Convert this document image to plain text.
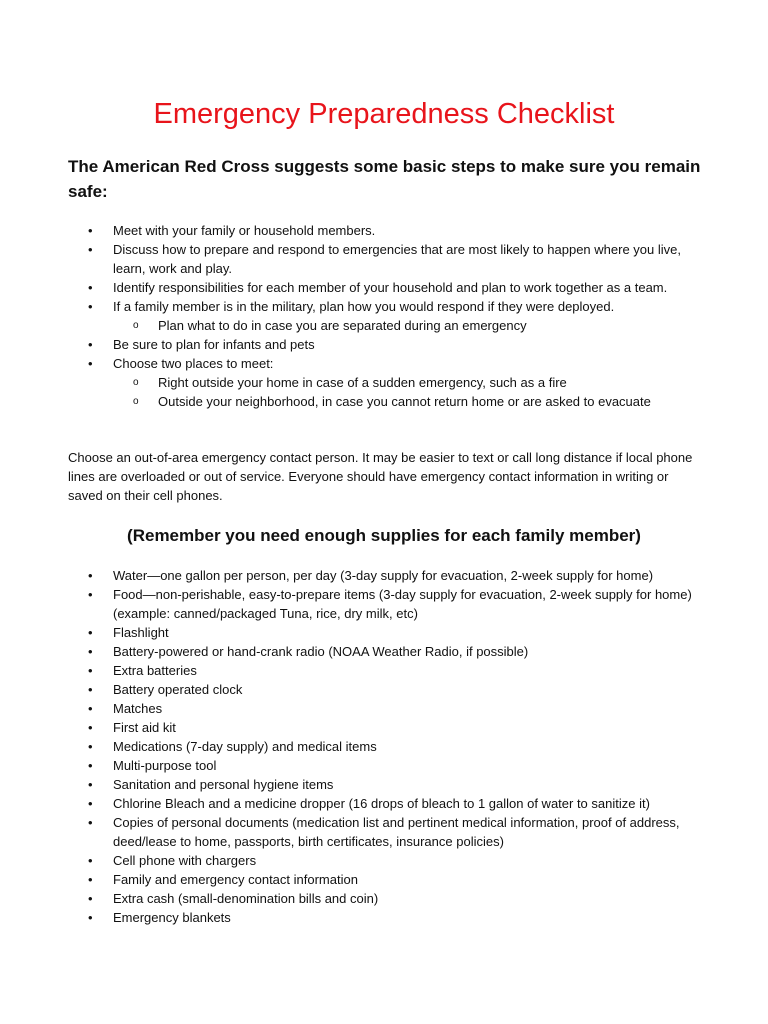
Emergency Preparedness Checklist
The American Red Cross suggests some basic steps to make sure you remain safe:
• Meet with your family or household members.
• Discuss how to prepare and respond to emergencies that are most likely to happen where you live, learn, work and play.
• Identify responsibilities for each member of your household and plan to work together as a team.
• If a family member is in the military, plan how you would respond if they were deployed.
o Plan what to do in case you are separated during an emergency
• Be sure to plan for infants and pets
• Choose two places to meet:
o Right outside your home in case of a sudden emergency, such as a fire
o Outside your neighborhood, in case you cannot return home or are asked to evacuate

Choose an out-of-area emergency contact person. It may be easier to text or call long distance if local phone lines are overloaded or out of service. Everyone should have emergency contact information in writing or saved on their cell phones.

(Remember you need enough supplies for each family member)
• Water—one gallon per person, per day (3-day supply for evacuation, 2-week supply for home)
• Food—non-perishable, easy-to-prepare items (3-day supply for evacuation, 2-week supply for home) (example: canned/packaged Tuna, rice, dry milk, etc)
• Flashlight
• Battery-powered or hand-crank radio (NOAA Weather Radio, if possible)
• Extra batteries
• Battery operated clock
• Matches
• First aid kit
• Medications (7-day supply) and medical items
• Multi-purpose tool
• Sanitation and personal hygiene items
• Chlorine Bleach and a medicine dropper (16 drops of bleach to 1 gallon of water to sanitize it)
• Copies of personal documents (medication list and pertinent medical information, proof of address, deed/lease to home, passports, birth certificates, insurance policies)
• Cell phone with chargers
• Family and emergency contact information
• Extra cash (small-denomination bills and coin)
• Emergency blankets
